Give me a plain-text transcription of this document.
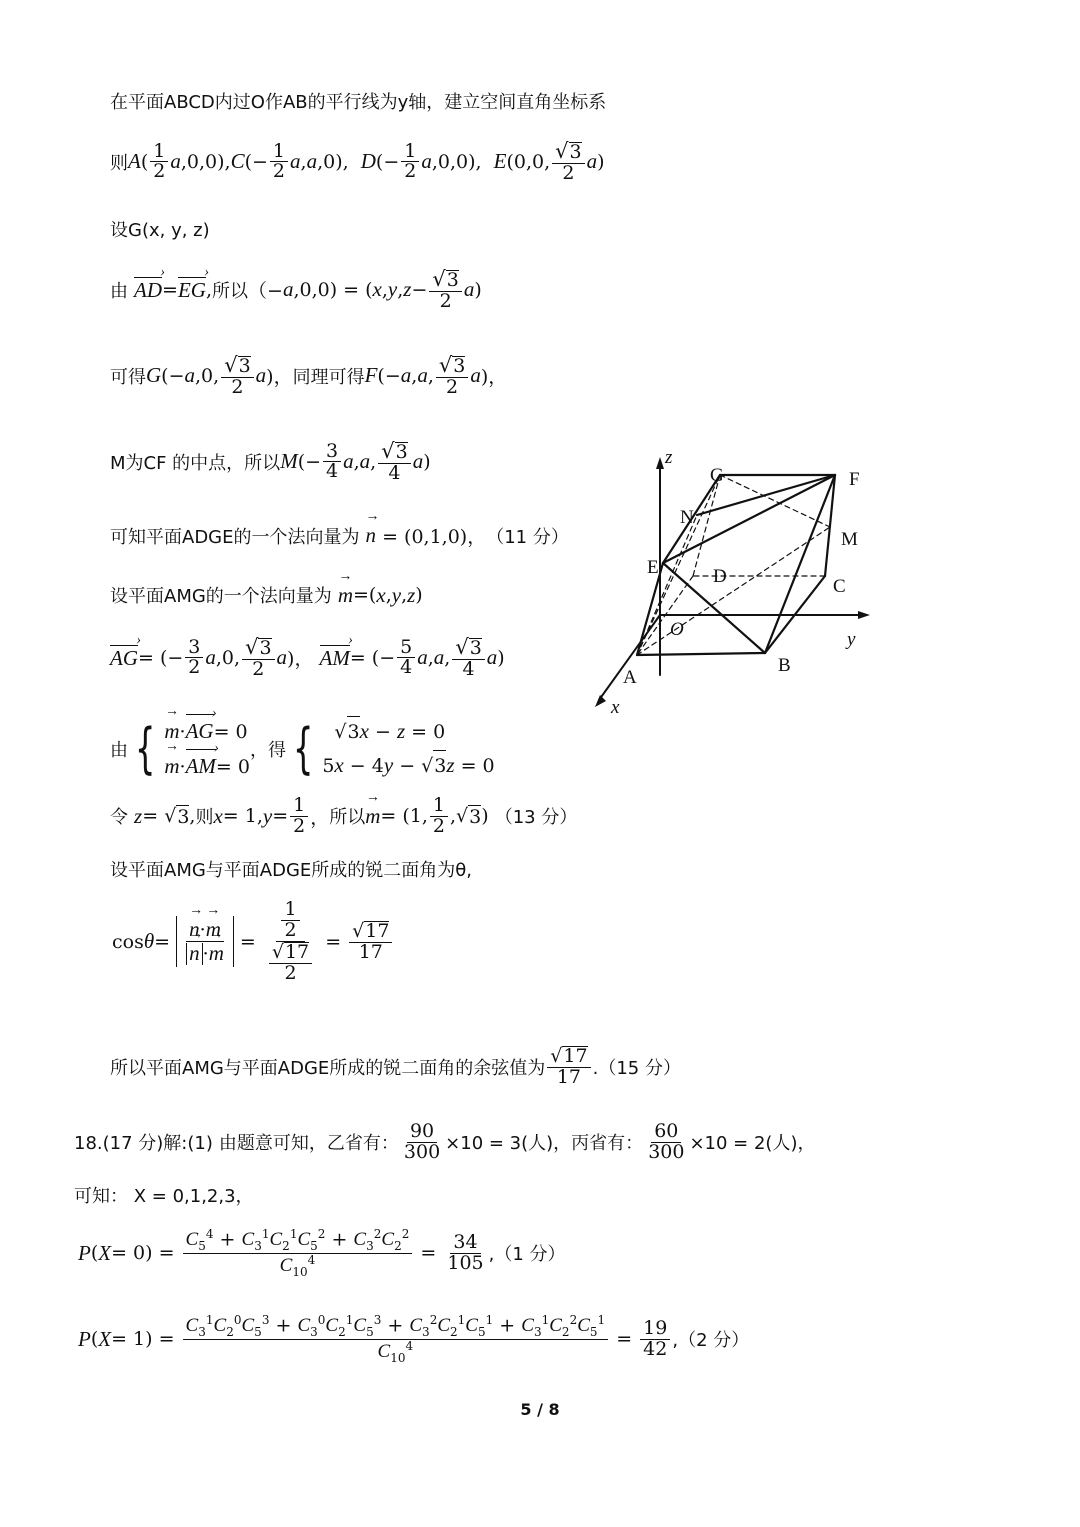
在平面ABCD内过O作AB的平行线为y轴，建立空间直角坐标系
则 A ( $\frac{1}{2}$ a ,0,0), C (− $\frac{1}{2}$ a , a ,0), D (− $\frac{1}{2}$ a ,0,0), E (0,0, $\frac{√3}{2}$ a )
设G(x, y, z)
由
AD › = EG › , 所以 （− a ,0,0) = ( x , y , $z - \frac{√3}{2}$ a )
可得 G (− a ,0, $\frac{√3}{2}$ a )， 同理可得 F (− a , a , $\frac{√3}{2}$ a )，
M为CF 的中点，所以 M (− $\frac{3}{4}$ a , a , $\frac{√3}{4}$ a )
可知平面ADGE的一个法向量为
→ n = (0,1,0)， （11 分）
设平面AMG的一个法向量为
→ m =( x , y , z )
AG › = (− $\frac{3}{2}$ a ,0, $\frac{√3}{2}$ a )， AM › = (− $\frac{5}{4}$ a , a , $\frac{√3}{4}$ a )
由 { → m·AG ›= 0
→ m·AM ›= 0
， 得 { √3x − z = 0
5x − 4y − √3z = 0
令
z = √ 3 , 则 x = 1, $y = \frac{1}{2}$ ， 所以 → m = (1, $\frac{1}{2}$ ,√ 3 ) （13 分）
设平面AMG与平面ADGE所成的锐二面角为θ,
cos θ = → n·→ m
→ $n \cdot\to m = \frac{\frac{1}{2}}{\frac{√17}{2}} = \frac{√17}{17}$
所以平面AMG与平面ADGE所成的锐二面角的余弦值为 $\frac{√17}{17} .(15$ 分）
18.(17 分)解:(1)
由题意可知，乙省有： $\frac{90}{300} \times 10 = 3$(人)，丙省有： $\frac{60}{300} \times 10 = 2$(人)，
可知： X = 0,1,2,3，
P ( $X = 0) = \frac{C_5^4 + C_3^1C_2^1C_5^2 + C_3^2C_2^2}{C_{10}^4} = \frac{34}{105} ,(1$ 分）
P ( $X = 1) = \frac{C_3^1C_2^0C_5^3 + C_3^0C_2^1C_5^3 + C_3^2C_2^1C_5^1 + C_3^1C_2^2C_5^1}{C_{10}^4} = \frac{19}{42} ,(2$ 分）
z
y
x
O
A
B
C
D
E
F
G
M
N
5 / 8
